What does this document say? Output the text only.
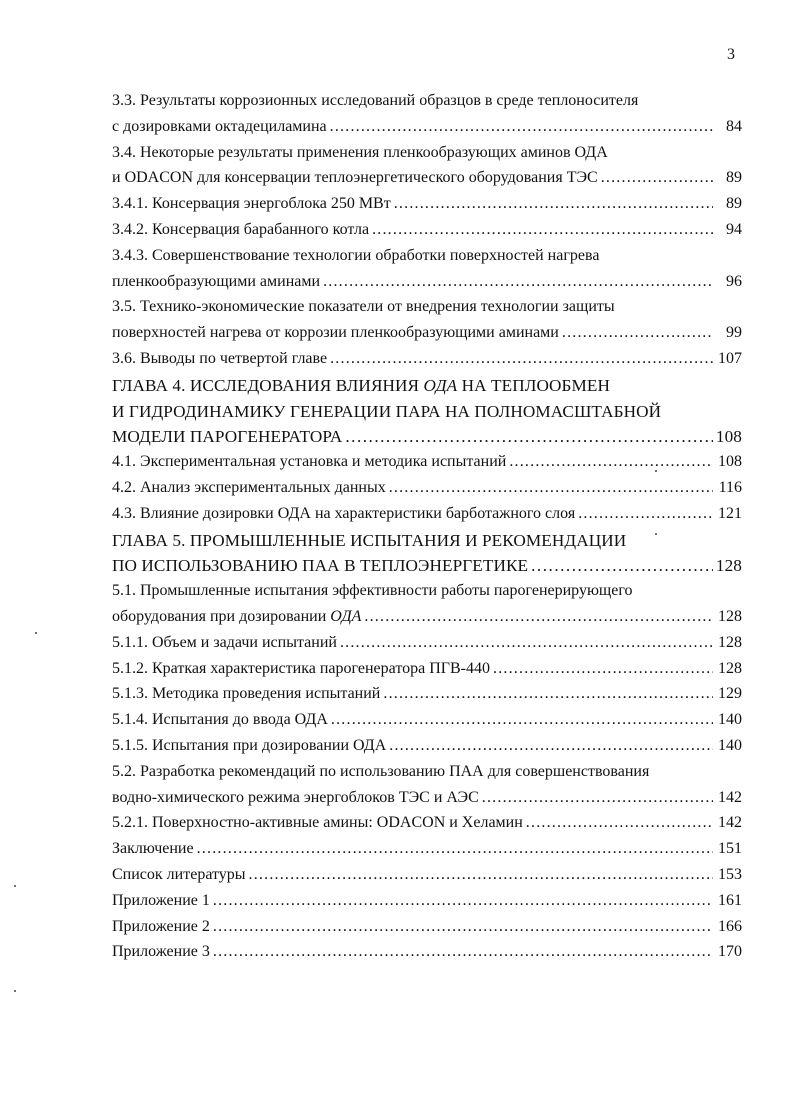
3
3.3. Результаты коррозионных исследований образцов в среде теплоносителя
с дозировками октадециламина . . .	84
3.4. Некоторые результаты применения пленкообразующих аминов ОДА
и ODACON для консервации теплоэнергетического оборудования ТЭС . . .	89
3.4.1. Консервация энергоблока 250 МВт . . .	89
3.4.2. Консервация барабанного котла . . .	94
3.4.3. Совершенствование технологии обработки поверхностей нагрева
пленкообразующими аминами . . .	96
3.5. Технико-экономические показатели от внедрения технологии защиты
поверхностей нагрева от коррозии пленкообразующими аминами . . .	99
3.6. Выводы по четвертой главе . . .	107
ГЛАВА 4. ИССЛЕДОВАНИЯ ВЛИЯНИЯ ОДА НА ТЕПЛООБМЕН
И ГИДРОДИНАМИКУ ГЕНЕРАЦИИ ПАРА НА ПОЛНОМАСШТАБНОЙ
МОДЕЛИ ПАРОГЕНЕРАТОРА . . .	108
4.1. Экспериментальная установка и методика испытаний . . .	108
4.2. Анализ экспериментальных данных . . .	116
4.3. Влияние дозировки ОДА на характеристики барботажного слоя . . .	121
ГЛАВА 5. ПРОМЫШЛЕННЫЕ ИСПЫТАНИЯ И РЕКОМЕНДАЦИИ
ПО ИСПОЛЬЗОВАНИЮ ПАА В ТЕПЛОЭНЕРГЕТИКЕ . . .	128
5.1. Промышленные испытания эффективности работы парогенерирующего
оборудования при дозировании ОДА . . .	128
5.1.1. Объем и задачи испытаний . . .	128
5.1.2. Краткая характеристика парогенератора ПГВ-440 . . .	128
5.1.3. Методика проведения испытаний . . .	129
5.1.4. Испытания до ввода ОДА . . .	140
5.1.5. Испытания при дозировании ОДА . . .	140
5.2. Разработка рекомендаций по использованию ПАА для совершенствования
водно-химического режима энергоблоков ТЭС и АЭС . . .	142
5.2.1. Поверхностно-активные амины: ODACON и Хеламин . . .	142
Заключение . . .	151
Список литературы . . .	153
Приложение 1 . . .	161
Приложение 2 . . .	166
Приложение 3 . . .	170
